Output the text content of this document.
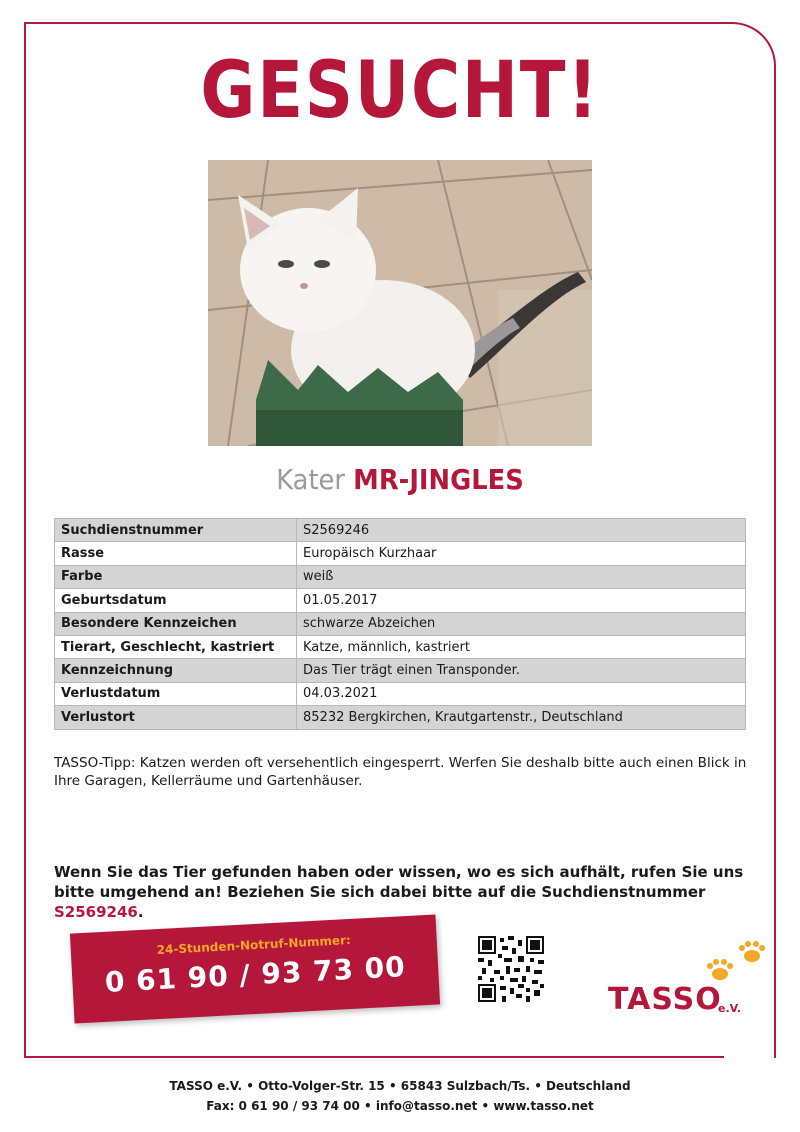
GESUCHT!
Kater MR-JINGLES
Suchdienstnummer	S2569246
Rasse	Europäisch Kurzhaar
Farbe	weiß
Geburtsdatum	01.05.2017
Besondere Kennzeichen	schwarze Abzeichen
Tierart, Geschlecht, kastriert	Katze, männlich, kastriert
Kennzeichnung	Das Tier trägt einen Transponder.
Verlustdatum	04.03.2021
Verlustort	85232 Bergkirchen, Krautgartenstr., Deutschland
TASSO-Tipp: Katzen werden oft versehentlich eingesperrt. Werfen Sie deshalb bitte auch einen Blick in Ihre Garagen, Kellerräume und Gartenhäuser.
Wenn Sie das Tier gefunden haben oder wissen, wo es sich aufhält, rufen Sie uns bitte umgehend an! Beziehen Sie sich dabei bitte auf die Suchdienstnummer S2569246.
24-Stunden-Notruf-Nummer:
0 61 90 / 93 73 00
TASSO
e.V.
TASSO e.V. • Otto-Volger-Str. 15 • 65843 Sulzbach/Ts. • Deutschland
Fax: 0 61 90 / 93 74 00 • info@tasso.net • www.tasso.net
